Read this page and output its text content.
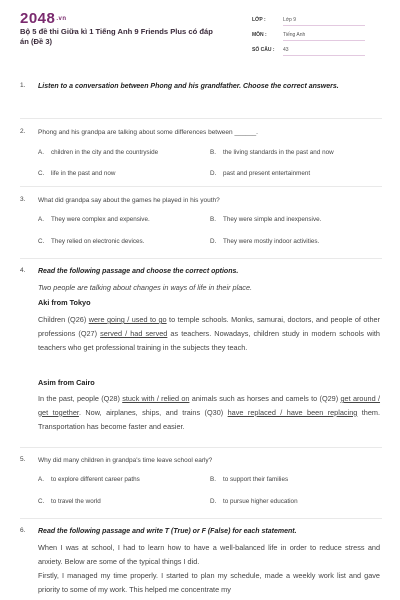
2048.vn
Bộ 5 đề thi Giữa kì 1 Tiếng Anh 9 Friends Plus có đáp án (Đề 3)
LỚP :	Lớp 9
MÔN :	Tiếng Anh
SỐ CÂU :	43
1. Listen to a conversation between Phong and his grandfather. Choose the correct answers.
2. Phong and his grandpa are talking about some differences between ______.
A. children in the city and the countryside	B. the living standards in the past and now
C. life in the past and now	D. past and present entertainment
3. What did grandpa say about the games he played in his youth?
A. They were complex and expensive.	B. They were simple and inexpensive.
C. They relied on electronic devices.	D. They were mostly indoor activities.
4. Read the following passage and choose the correct options.
Two people are talking about changes in ways of life in their place.
Aki from Tokyo
Children (Q26) were going / used to go to temple schools. Monks, samurai, doctors, and people of other professions (Q27) served / had served as teachers. Nowadays, children study in modern schools with teachers who get professional training in the subjects they teach.
Asim from Cairo
In the past, people (Q28) stuck with / relied on animals such as horses and camels to (Q29) get around / get together. Now, airplanes, ships, and trains (Q30) have replaced / have been replacing them. Transportation has become faster and easier.
5. Why did many children in grandpa's time leave school early?
A. to explore different career paths	B. to support their families
C. to travel the world	D. to pursue higher education
6. Read the following passage and write T (True) or F (False) for each statement.
When I was at school, I had to learn how to have a well-balanced life in order to reduce stress and anxiety. Below are some of the typical things I did.
Firstly, I managed my time properly. I started to plan my schedule, made a weekly work list and gave priority to some of my work. This helped me concentrate my
